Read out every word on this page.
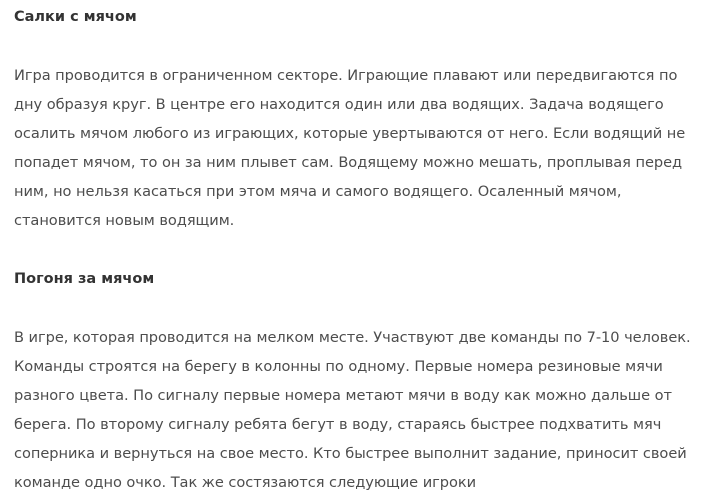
Салки с мячом

Игра проводится в ограниченном секторе. Играющие плавают или передвигаются по
дну образуя круг. В центре его находится один или два водящих. Задача водящего
осалить мячом любого из играющих, которые увертываются от него. Если водящий не
попадет мячом, то он за ним плывет сам. Водящему можно мешать, проплывая перед
ним, но нельзя касаться при этом мяча и самого водящего. Осаленный мячом,
становится новым водящим.

Погоня за мячом

В игре, которая проводится на мелком месте. Участвуют две команды по 7-10 человек.
Команды строятся на берегу в колонны по одному. Первые номера резиновые мячи
разного цвета. По сигналу первые номера метают мячи в воду как можно дальше от
берега. По второму сигналу ребята бегут в воду, стараясь быстрее подхватить мяч
соперника и вернуться на свое место. Кто быстрее выполнит задание, приносит своей
команде одно очко. Так же состязаются следующие игроки
